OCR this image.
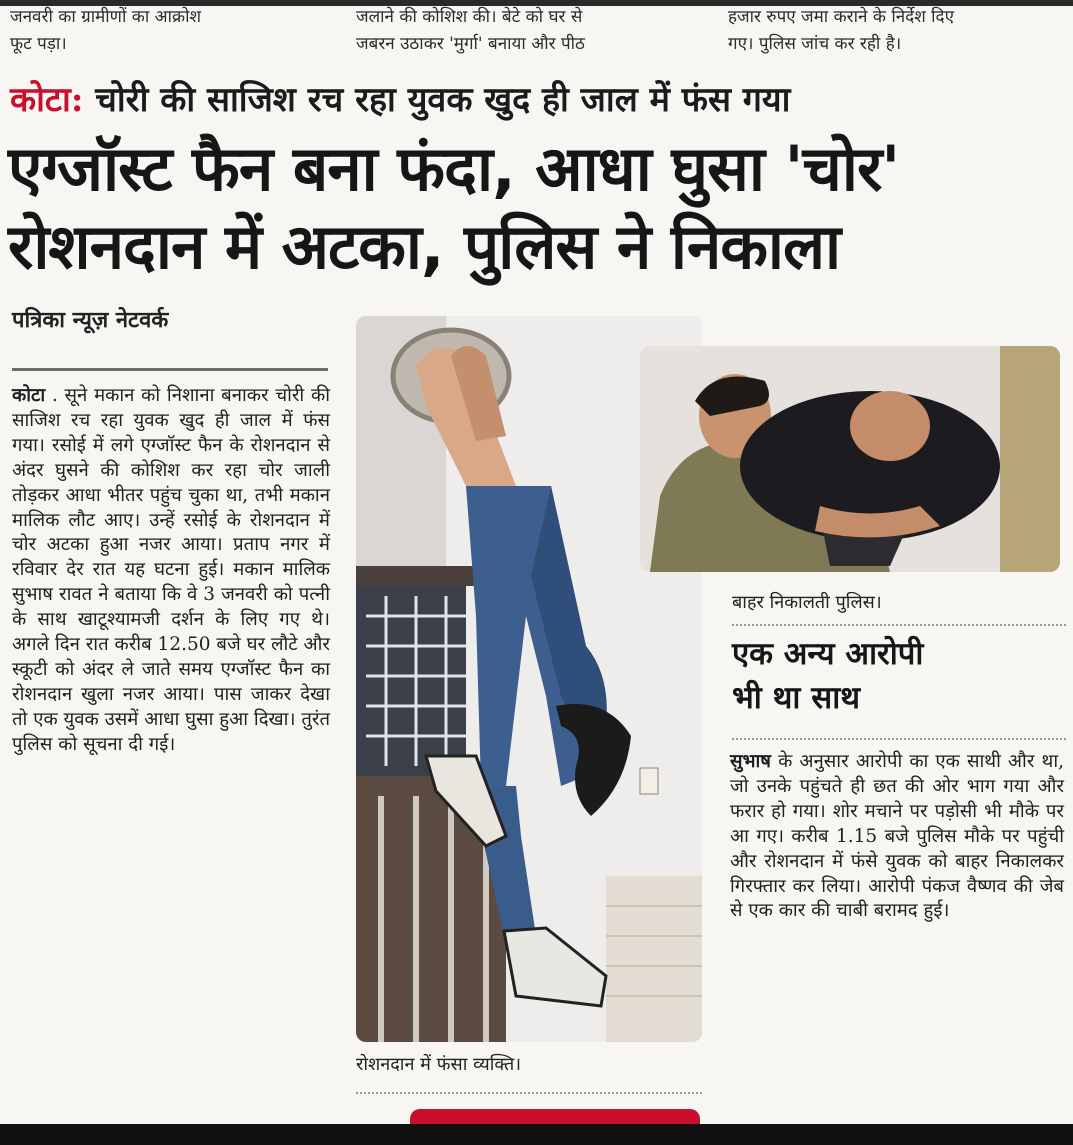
जनवरी का ग्रामीणों का आक्रोश
फूट पड़ा।
जलाने की कोशिश की। बेटे को घर से
जबरन उठाकर 'मुर्गा' बनाया और पीठ
हजार रुपए जमा कराने के निर्देश दिए
गए। पुलिस जांच कर रही है।
कोटा: चोरी की साजिश रच रहा युवक खुद ही जाल में फंस गया
एग्जॉस्ट फैन बना फंदा, आधा घुसा 'चोर'
रोशनदान में अटका, पुलिस ने निकाला
पत्रिका न्यूज़ नेटवर्क
कोटा . सूने मकान को निशाना बनाकर चोरी की साजिश रच रहा युवक खुद ही जाल में फंस गया। रसोई में लगे एग्जॉस्ट फैन के रोशनदान से अंदर घुसने की कोशिश कर रहा चोर जाली तोड़कर आधा भीतर पहुंच चुका था, तभी मकान मालिक लौट आए। उन्हें रसोई के रोशनदान में चोर अटका हुआ नजर आया। प्रताप नगर में रविवार देर रात यह घटना हुई। मकान मालिक सुभाष रावत ने बताया कि वे 3 जनवरी को पत्नी के साथ खाटूश्यामजी दर्शन के लिए गए थे। अगले दिन रात करीब 12.50 बजे घर लौटे और स्कूटी को अंदर ले जाते समय एग्जॉस्ट फैन का रोशनदान खुला नजर आया। पास जाकर देखा तो एक युवक उसमें आधा घुसा हुआ दिखा। तुरंत पुलिस को सूचना दी गई।
रोशनदान में फंसा व्यक्ति।
बाहर निकालती पुलिस।
एक अन्य आरोपी
भी था साथ
सुभाष के अनुसार आरोपी का एक साथी और था, जो उनके पहुंचते ही छत की ओर भाग गया और फरार हो गया। शोर मचाने पर पड़ोसी भी मौके पर आ गए। करीब 1.15 बजे पुलिस मौके पर पहुंची और रोशनदान में फंसे युवक को बाहर निकालकर गिरफ्तार कर लिया। आरोपी पंकज वैष्णव की जेब से एक कार की चाबी बरामद हुई।
